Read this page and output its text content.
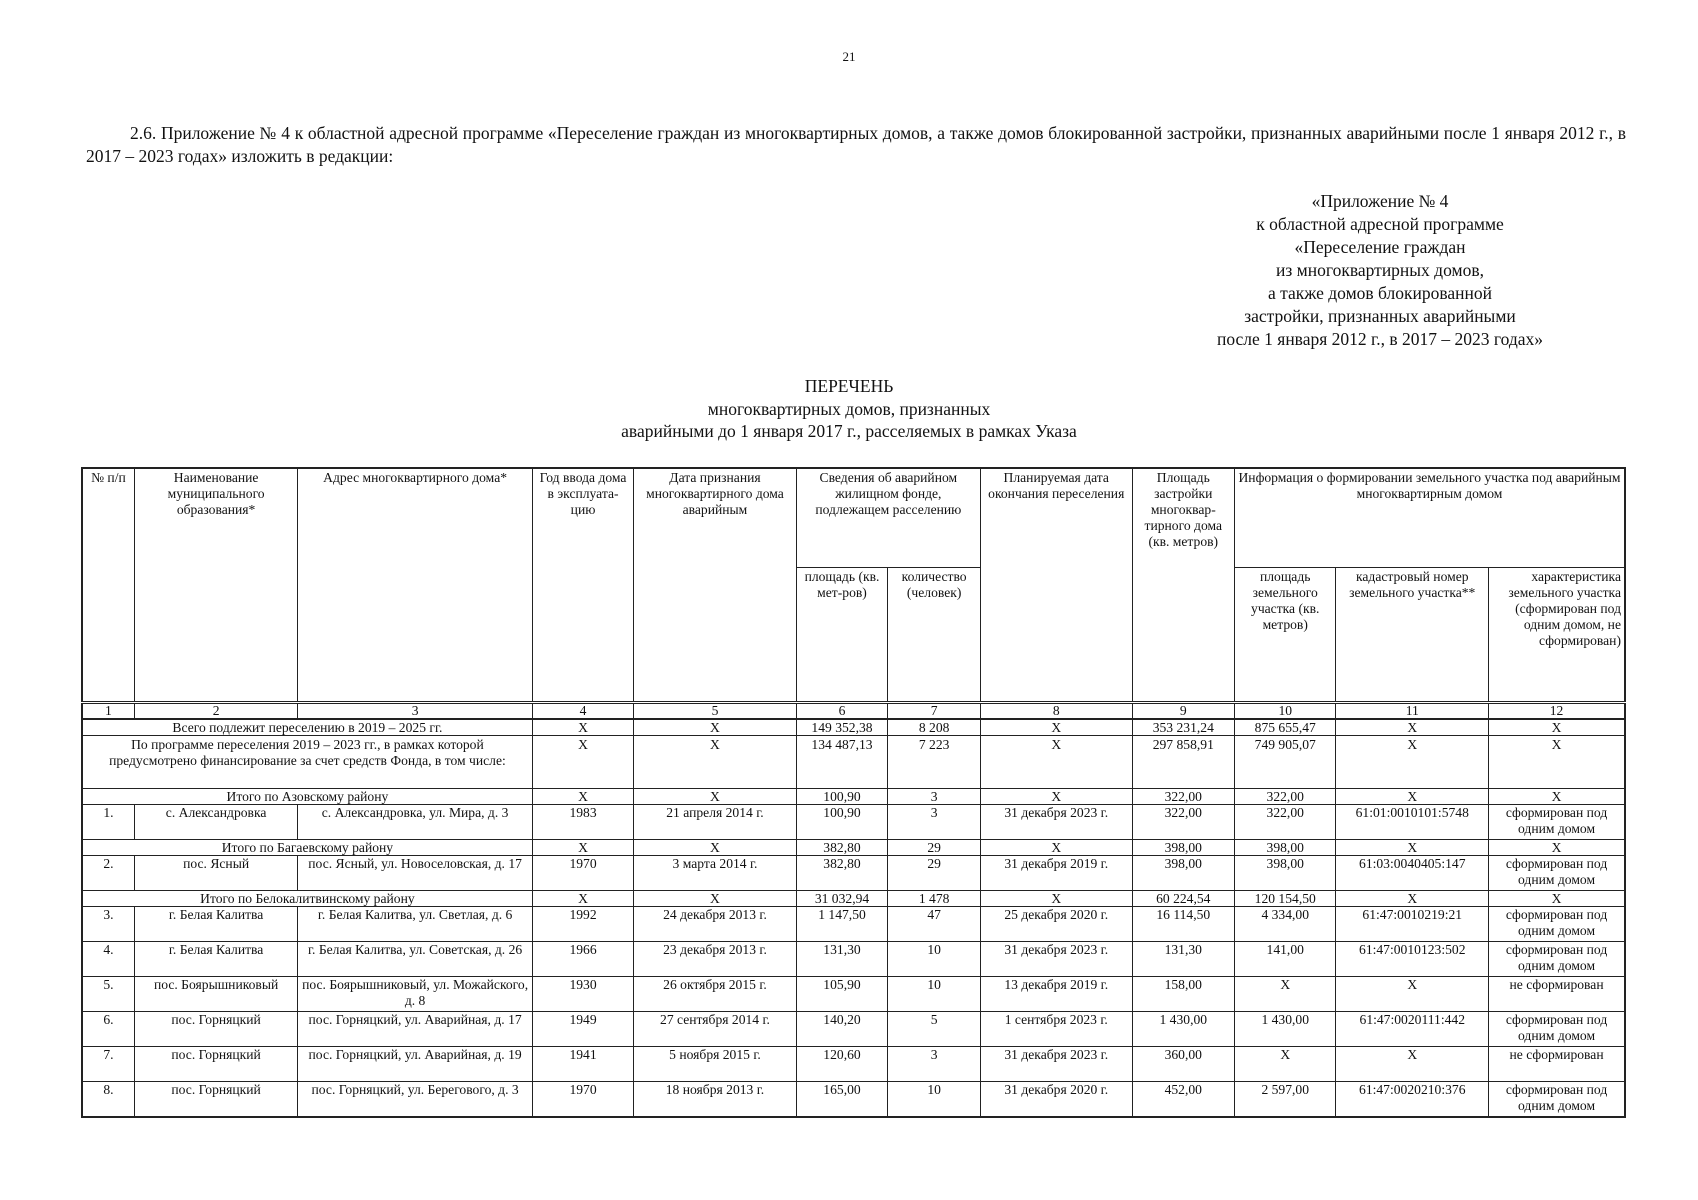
21
2.6. Приложение № 4 к областной адресной программе «Переселение граждан из многоквартирных домов, а также домов блокированной застройки, признанных аварийными после 1 января 2012 г., в 2017 – 2023 годах» изложить в редакции:
«Приложение № 4
к областной адресной программе
«Переселение граждан
из многоквартирных домов,
а также домов блокированной
застройки, признанных аварийными
после 1 января 2012 г., в 2017 – 2023 годах»
ПЕРЕЧЕНЬ
многоквартирных домов, признанных
аварийными до 1 января 2017 г., расселяемых в рамках Указа
№ п/п	Наименование муниципального образования*	Адрес многоквартирного дома*	Год ввода дома в эксплуата-цию	Дата признания многоквартирного дома аварийным	Сведения об аварийном жилищном фонде, подлежащем расселению		Планируемая дата окончания переселения	Площадь застройки многоквар-тирного дома (кв. метров)	Информация о формировании земельного участка под аварийным многоквартирным домом		
					площадь (кв. мет-ров)	количество (человек)			площадь земельного участка (кв. метров)	кадастровый номер земельного участка**	характеристика земельного участка (сформирован под одним домом, не сформирован)
1	2	3	4	5	6	7	8	9	10	11	12
Всего подлежит переселению в 2019 – 2025 гг.			X	X	149 352,38	8 208	X	353 231,24	875 655,47	X	X
По программе переселения 2019 – 2023 гг., в рамках которой предусмотрено финансирование за счет средств Фонда, в том числе:			X	X	134 487,13	7 223	X	297 858,91	749 905,07	X	X
Итого по Азовскому району			X	X	100,90	3	X	322,00	322,00	X	X
1.	с. Александровка	с. Александровка, ул. Мира, д. 3	1983	21 апреля 2014 г.	100,90	3	31 декабря 2023 г.	322,00	322,00	61:01:0010101:5748	сформирован под одним домом
Итого по Багаевскому району			X	X	382,80	29	X	398,00	398,00	X	X
2.	пос. Ясный	пос. Ясный, ул. Новоселовская, д. 17	1970	3 марта 2014 г.	382,80	29	31 декабря 2019 г.	398,00	398,00	61:03:0040405:147	сформирован под одним домом
Итого по Белокалитвинскому району			X	X	31 032,94	1 478	X	60 224,54	120 154,50	X	X
3.	г. Белая Калитва	г. Белая Калитва, ул. Светлая, д. 6	1992	24 декабря 2013 г.	1 147,50	47	25 декабря 2020 г.	16 114,50	4 334,00	61:47:0010219:21	сформирован под одним домом
4.	г. Белая Калитва	г. Белая Калитва, ул. Советская, д. 26	1966	23 декабря 2013 г.	131,30	10	31 декабря 2023 г.	131,30	141,00	61:47:0010123:502	сформирован под одним домом
5.	пос. Боярышниковый	пос. Боярышниковый, ул. Можайского, д. 8	1930	26 октября 2015 г.	105,90	10	13 декабря 2019 г.	158,00	X	X	не сформирован
6.	пос. Горняцкий	пос. Горняцкий, ул. Аварийная, д. 17	1949	27 сентября 2014 г.	140,20	5	1 сентября 2023 г.	1 430,00	1 430,00	61:47:0020111:442	сформирован под одним домом
7.	пос. Горняцкий	пос. Горняцкий, ул. Аварийная, д. 19	1941	5 ноября 2015 г.	120,60	3	31 декабря 2023 г.	360,00	X	X	не сформирован
8.	пос. Горняцкий	пос. Горняцкий, ул. Берегового, д. 3	1970	18 ноября 2013 г.	165,00	10	31 декабря 2020 г.	452,00	2 597,00	61:47:0020210:376	сформирован под одним домом
